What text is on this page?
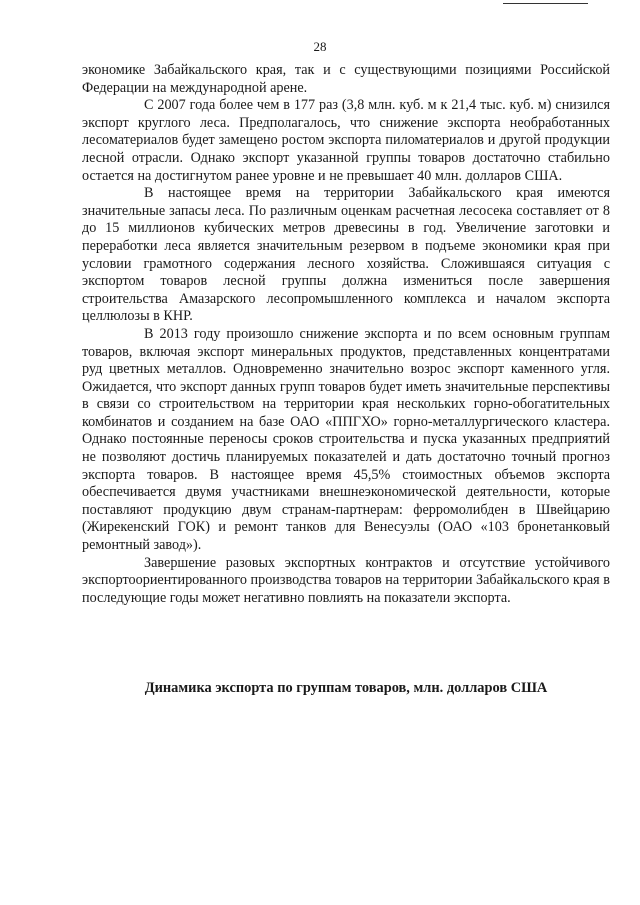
28

экономике Забайкальского края, так и с существующими позициями Российской Федерации на международной арене.

С 2007 года более чем в 177 раз (3,8 млн. куб. м к 21,4 тыс. куб. м) снизился экспорт круглого леса. Предполагалось, что снижение экспорта необработанных лесоматериалов будет замещено ростом экспорта пиломатериалов и другой продукции лесной отрасли. Однако экспорт указанной группы товаров достаточно стабильно остается на достигнутом ранее уровне и не превышает 40 млн. долларов США.

В настоящее время на территории Забайкальского края имеются значительные запасы леса. По различным оценкам расчетная лесосека составляет от 8 до 15 миллионов кубических метров древесины в год. Увеличение заготовки и переработки леса является значительным резервом в подъеме экономики края при условии грамотного содержания лесного хозяйства. Сложившаяся ситуация с экспортом товаров лесной группы должна измениться после завершения строительства Амазарского лесопромышленного комплекса и началом экспорта целлюлозы в КНР.

В 2013 году произошло снижение экспорта и по всем основным группам товаров, включая экспорт минеральных продуктов, представленных концентратами руд цветных металлов. Одновременно значительно возрос экспорт каменного угля. Ожидается, что экспорт данных групп товаров будет иметь значительные перспективы в связи со строительством на территории края нескольких горно-обогатительных комбинатов и созданием на базе ОАО «ППГХО» горно-металлургического кластера. Однако постоянные переносы сроков строительства и пуска указанных предприятий не позволяют достичь планируемых показателей и дать достаточно точный прогноз экспорта товаров. В настоящее время 45,5% стоимостных объемов экспорта обеспечивается двумя участниками внешнеэкономической деятельности, которые поставляют продукцию двум странам-партнерам: ферромолибден в Швейцарию (Жирекенский ГОК) и ремонт танков для Венесуэлы (ОАО «103 бронетанковый ремонтный завод»).

Завершение разовых экспортных контрактов и отсутствие устойчивого экспортоориентированного производства товаров на территории Забайкальского края в последующие годы может негативно повлиять на показатели экспорта.

Динамика экспорта по группам товаров, млн. долларов США
